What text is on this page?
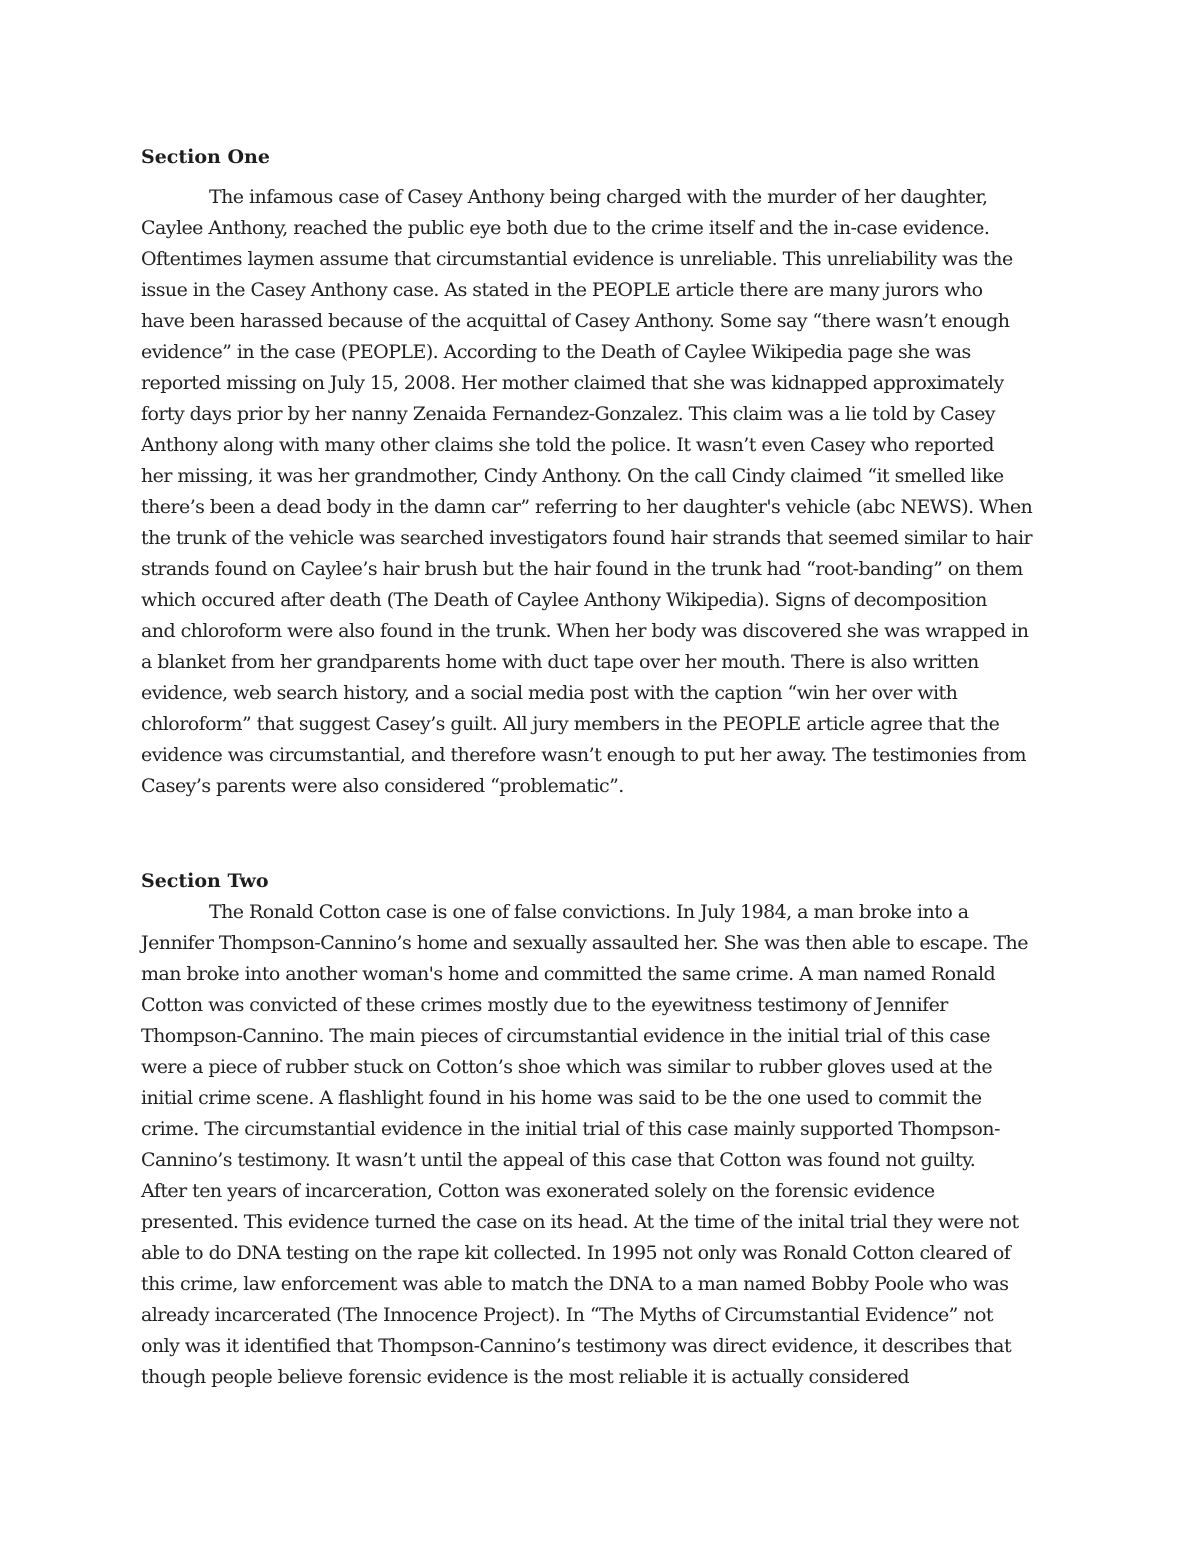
Section One
The infamous case of Casey Anthony being charged with the murder of her daughter,
Caylee Anthony, reached the public eye both due to the crime itself and the in-case evidence.
Oftentimes laymen assume that circumstantial evidence is unreliable. This unreliability was the
issue in the Casey Anthony case. As stated in the PEOPLE article there are many jurors who
have been harassed because of the acquittal of Casey Anthony. Some say “there wasn’t enough
evidence” in the case (PEOPLE). According to the Death of Caylee Wikipedia page she was
reported missing on July 15, 2008. Her mother claimed that she was kidnapped approximately
forty days prior by her nanny Zenaida Fernandez-Gonzalez. This claim was a lie told by Casey
Anthony along with many other claims she told the police. It wasn’t even Casey who reported
her missing, it was her grandmother, Cindy Anthony. On the call Cindy claimed “it smelled like
there’s been a dead body in the damn car” referring to her daughter's vehicle (abc NEWS). When
the trunk of the vehicle was searched investigators found hair strands that seemed similar to hair
strands found on Caylee’s hair brush but the hair found in the trunk had “root-banding” on them
which occured after death (The Death of Caylee Anthony Wikipedia). Signs of decomposition
and chloroform were also found in the trunk. When her body was discovered she was wrapped in
a blanket from her grandparents home with duct tape over her mouth. There is also written
evidence, web search history, and a social media post with the caption “win her over with
chloroform” that suggest Casey’s guilt. All jury members in the PEOPLE article agree that the
evidence was circumstantial, and therefore wasn’t enough to put her away. The testimonies from
Casey’s parents were also considered “problematic”.
Section Two
The Ronald Cotton case is one of false convictions. In July 1984, a man broke into a
Jennifer Thompson-Cannino’s home and sexually assaulted her. She was then able to escape. The
man broke into another woman's home and committed the same crime. A man named Ronald
Cotton was convicted of these crimes mostly due to the eyewitness testimony of Jennifer
Thompson-Cannino. The main pieces of circumstantial evidence in the initial trial of this case
were a piece of rubber stuck on Cotton’s shoe which was similar to rubber gloves used at the
initial crime scene. A flashlight found in his home was said to be the one used to commit the
crime. The circumstantial evidence in the initial trial of this case mainly supported Thompson-
Cannino’s testimony. It wasn’t until the appeal of this case that Cotton was found not guilty.
After ten years of incarceration, Cotton was exonerated solely on the forensic evidence
presented. This evidence turned the case on its head. At the time of the inital trial they were not
able to do DNA testing on the rape kit collected. In 1995 not only was Ronald Cotton cleared of
this crime, law enforcement was able to match the DNA to a man named Bobby Poole who was
already incarcerated (The Innocence Project). In “The Myths of Circumstantial Evidence” not
only was it identified that Thompson-Cannino’s testimony was direct evidence, it describes that
though people believe forensic evidence is the most reliable it is actually considered
